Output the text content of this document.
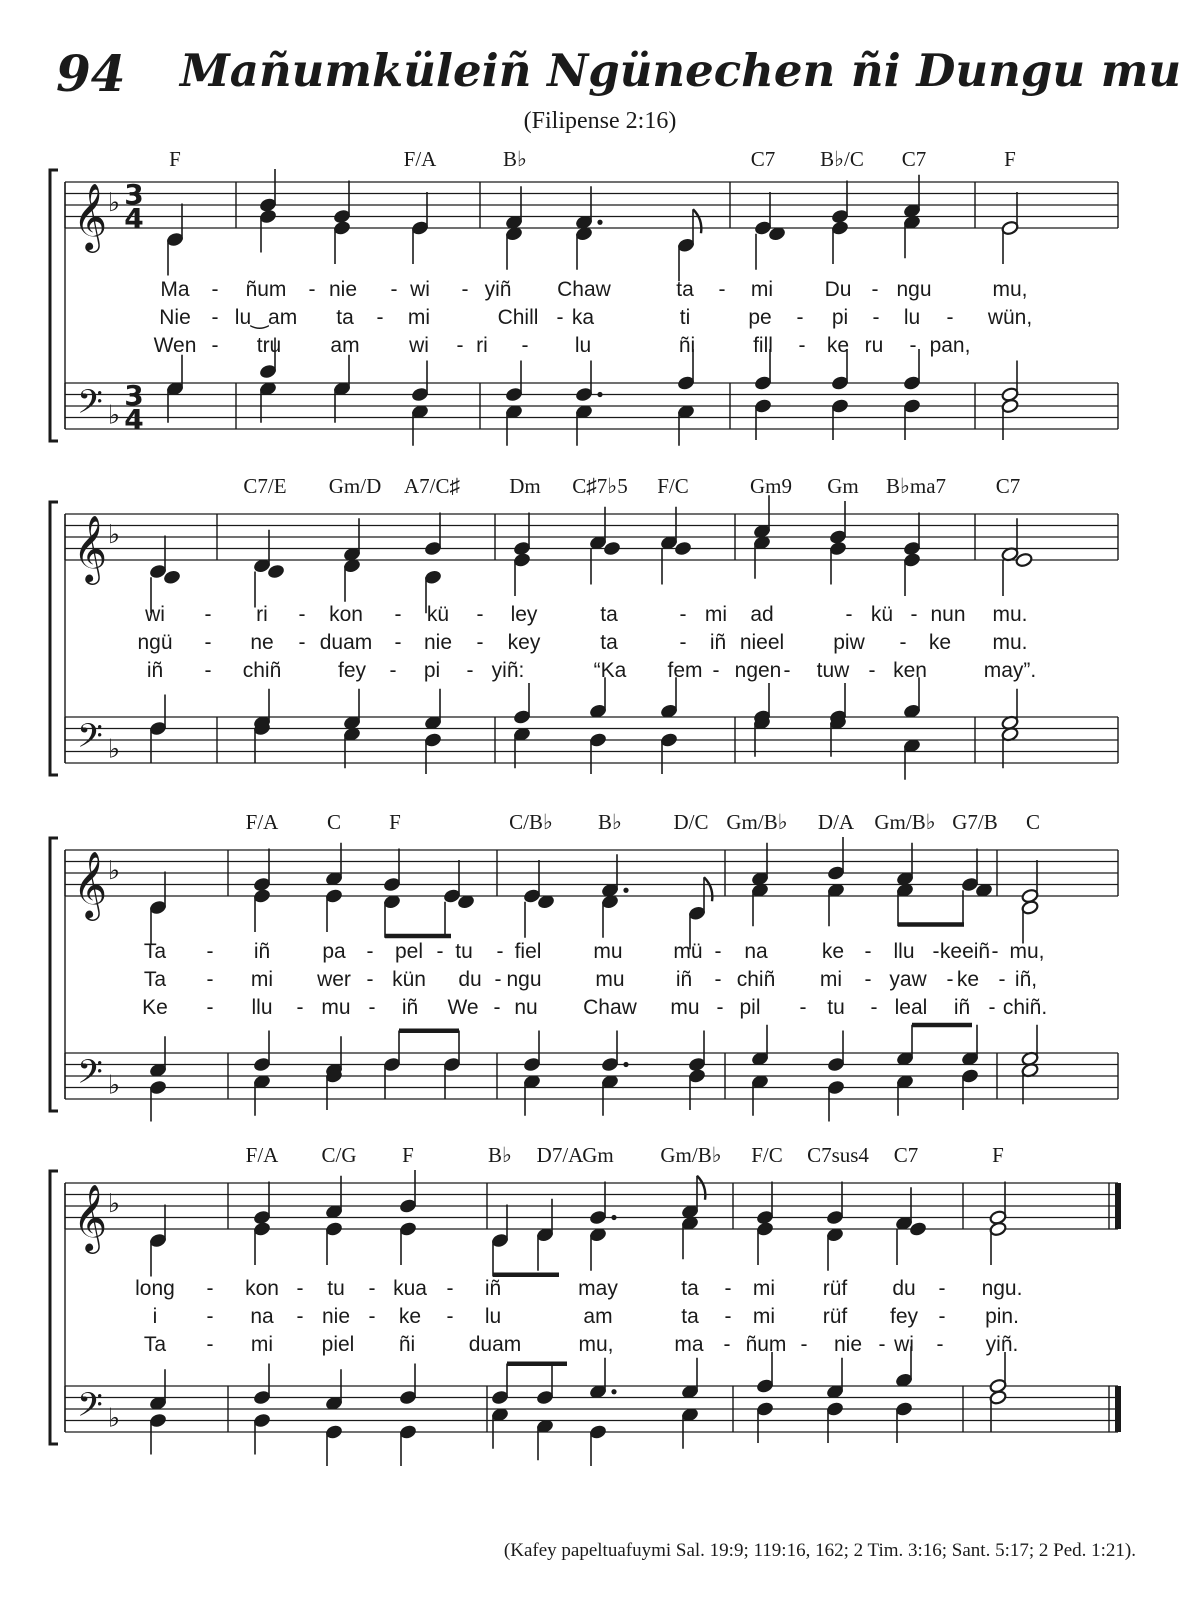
94 Mañumküleiñ Ngünechen ñi Dungu mu
(Filipense 2:16)
F	F/A	B♭	C7 B♭/C C7	F
Ma - ñum - nie - wi - yiñ Chaw	ta - mi Du - ngu	mu,
Nie - lu‿am ta - mi	Chill - ka	ti	pe - pi - lu - wün,
Wen - tru am wi - ri - lu	ñi	fill - ke ru - pan,
𝄞 ♭
𝄢 ♭
3
4
3
4
C7/E Gm/D A7/C♯ Dm C♯7♭5 F/C	Gm9 Gm B♭ma7 C7
wi - ri - kon - kü - ley	ta	- mi ad	- kü - nun mu.
ngü - ne - duam - nie - key	ta	- iñ nieel piw - ke mu.
iñ - chiñ	fey - pi - yiñ:	“Ka fem - ngen - tuw - ken	may”.
𝄞 ♭
𝄢 ♭
F/A C F	C/B♭ B♭ D/C Gm/B♭ D/A Gm/B♭ G7/B C
Ta - iñ pa - pel - tu - fiel mu mü - na	ke - llu - keeiñ - mu,
Ta - mi wer - kün du - ngu	mu iñ - chiñ mi - yaw - ke - iñ,
Ke - llu - mu - iñ We - nu Chaw mu - pil - tu - leal iñ - chiñ.
𝄞 ♭
𝄢 ♭
F/A C/G F	B♭ D7/A
Gm Gm/B♭ F/C C7sus4 C7	F
long - kon - tu - kua - iñ	may	ta - mi rüf du - ngu.
i - na - nie - ke - lu	am	ta - mi rüf fey - pin.
Ta - mi piel ñi	duam	mu,	ma - ñum - nie - wi - yiñ.
𝄞 ♭
𝄢 ♭
(Kafey papeltuafuymi Sal. 19:9; 119:16, 162; 2 Tim. 3:16; Sant. 5:17; 2 Ped. 1:21).
